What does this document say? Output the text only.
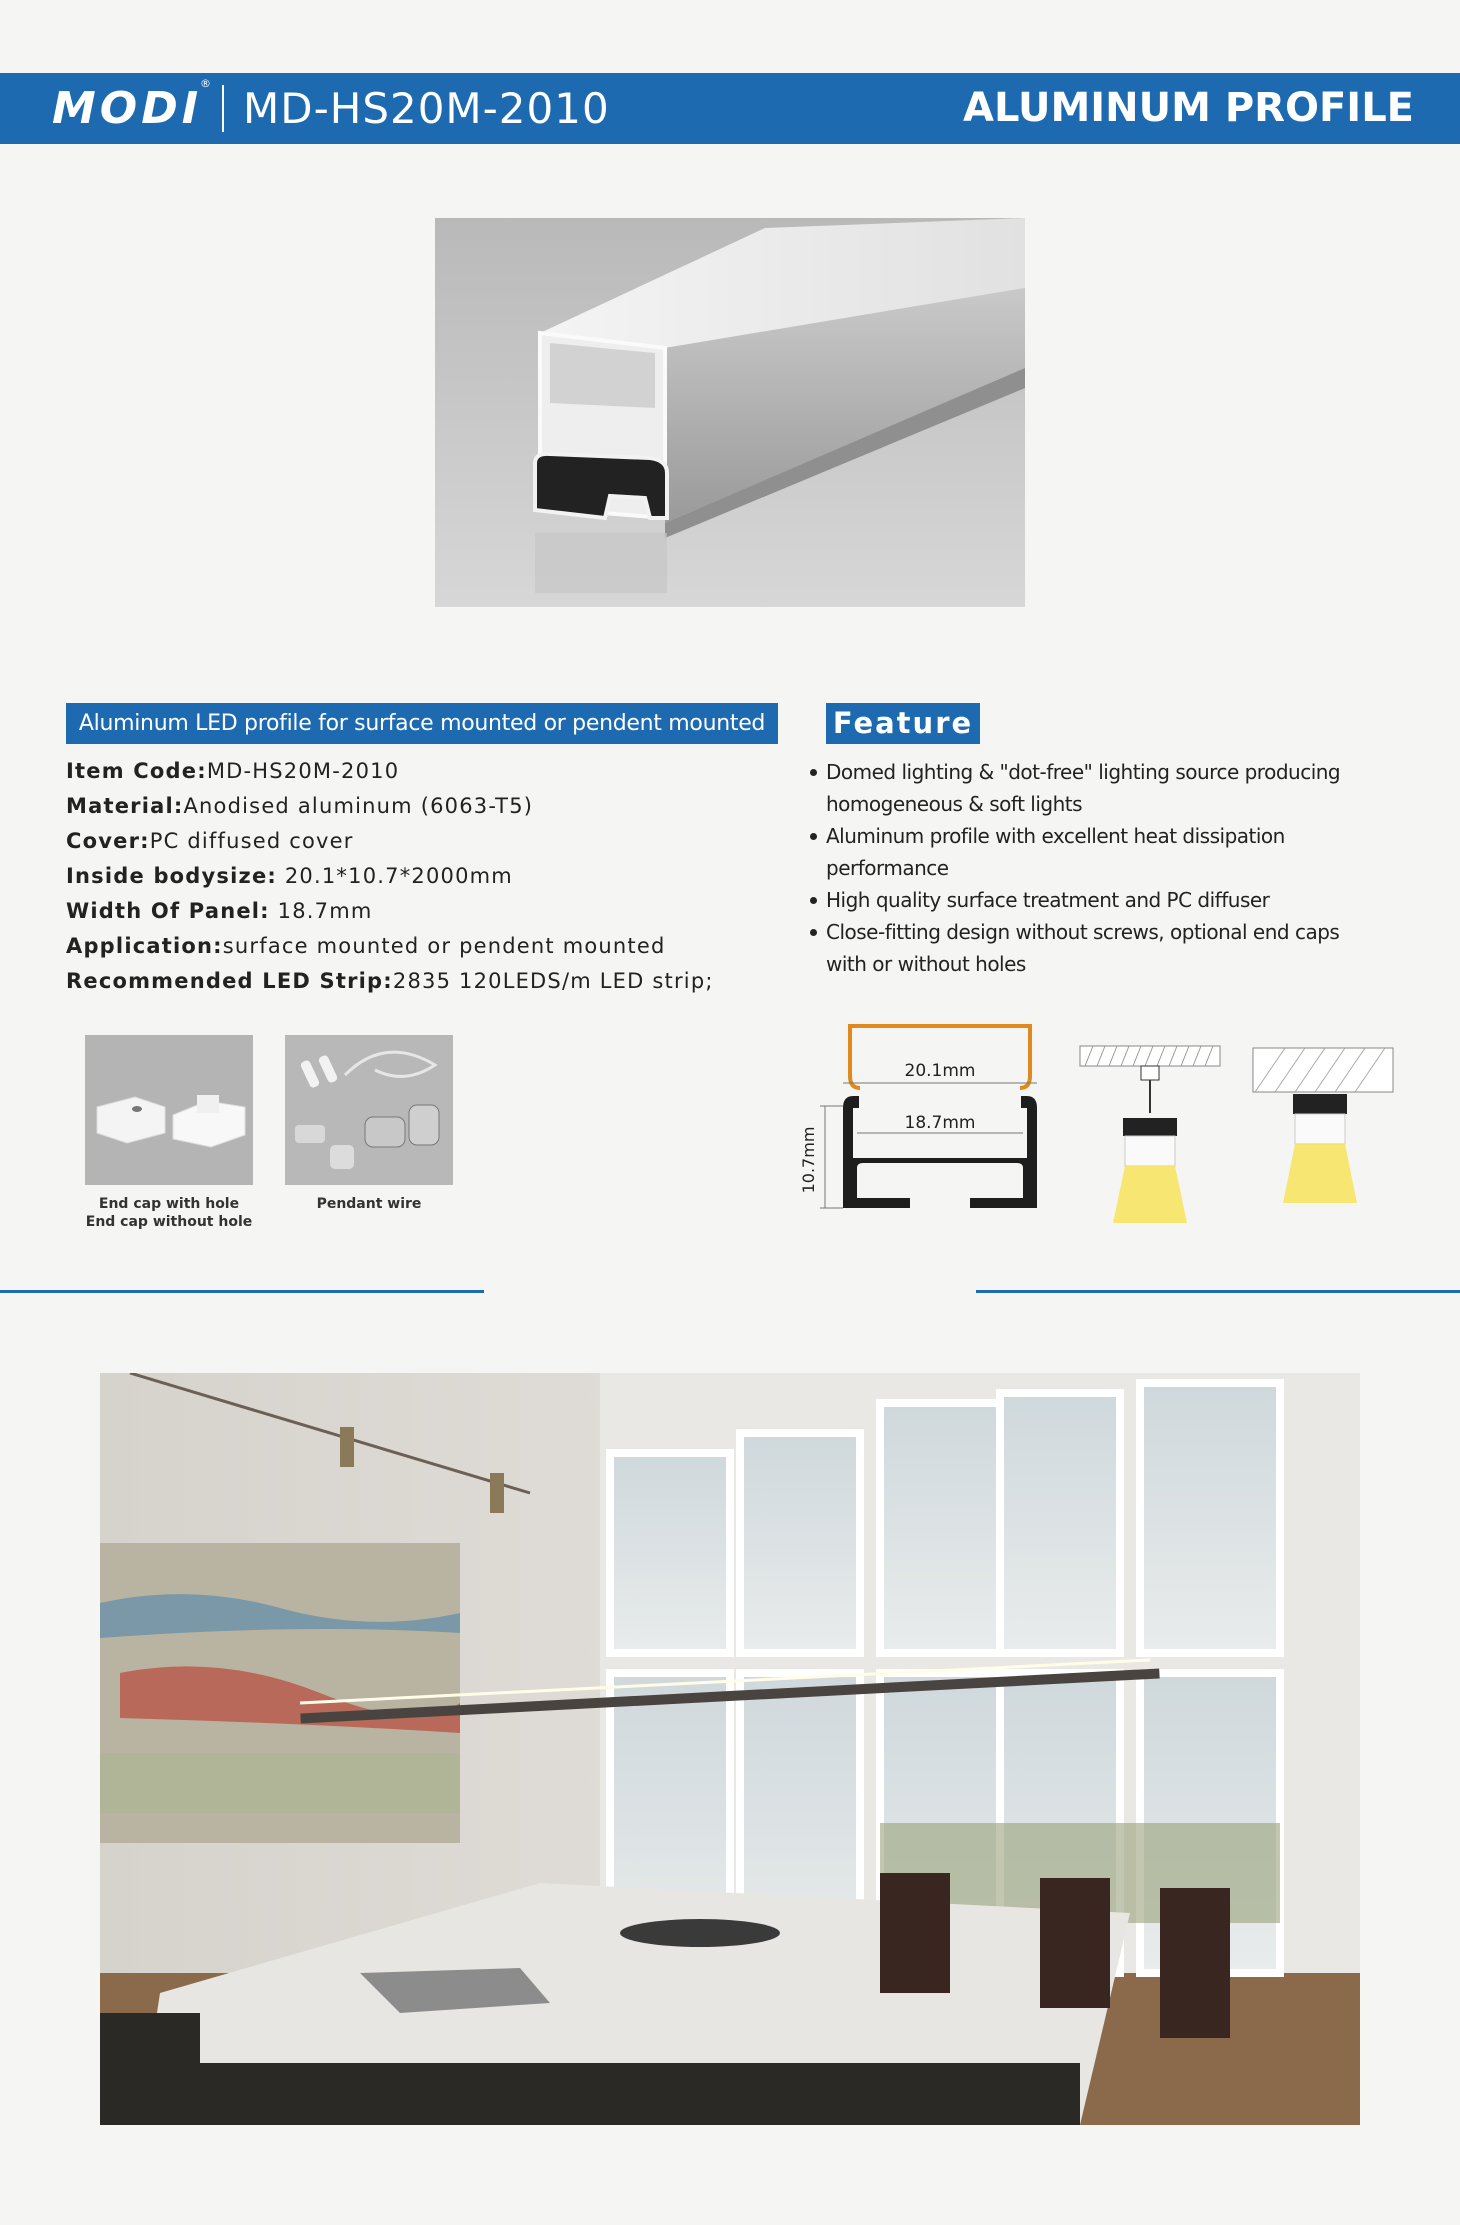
MODI
®
MD-HS20M-2010	ALUMINUM PROFILE
Aluminum LED profile for surface mounted or pendent mounted
Item Code:MD-HS20M-2010
Material:Anodised aluminum (6063-T5)
Cover:PC diffused cover
Inside bodysize: 20.1*10.7*2000mm
Width Of Panel: 18.7mm
Application:surface mounted or pendent mounted
Recommended LED Strip:2835 120LEDS/m LED strip;
Feature
Domed lighting & "dot-free" lighting source producing homogeneous & soft lights
Aluminum profile with excellent heat dissipation performance
High quality surface treatment and PC diffuser
Close-fitting design without screws, optional end caps with or without holes
End cap with hole
End cap without hole
Pendant wire
20.1mm
18.7mm
10.7mm
